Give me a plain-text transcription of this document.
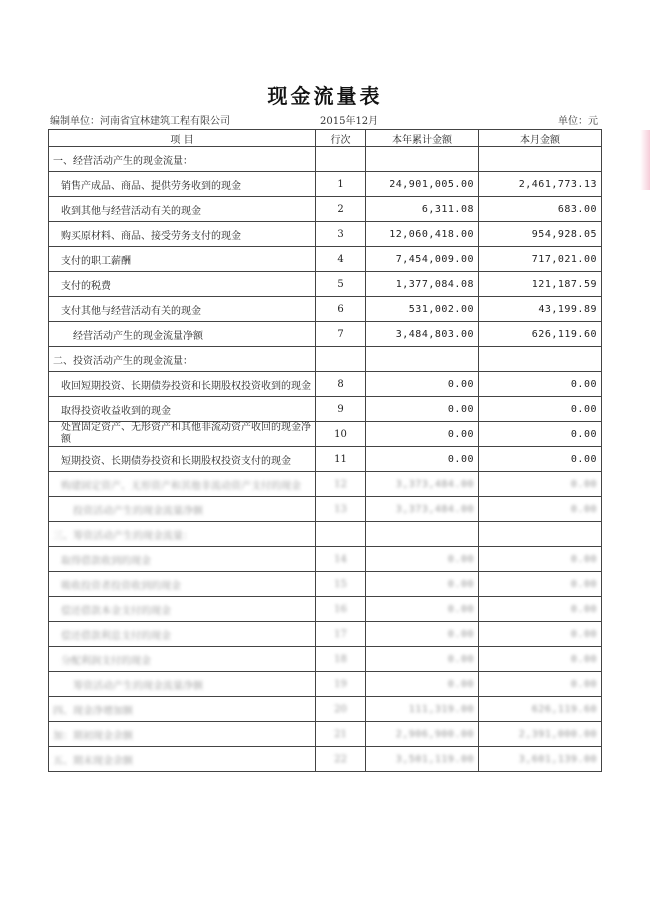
现金流量表
编制单位：河南省宜林建筑工程有限公司	2015年12月	单位：元
项 目	行次	本年累计金额	本月金额
一、经营活动产生的现金流量：			
销售产成品、商品、提供劳务收到的现金	1	24,901,005.00	2,461,773.13
收到其他与经营活动有关的现金	2	6,311.08	683.00
购买原材料、商品、接受劳务支付的现金	3	12,060,418.00	954,928.05
支付的职工薪酬	4	7,454,009.00	717,021.00
支付的税费	5	1,377,084.08	121,187.59
支付其他与经营活动有关的现金	6	531,002.00	43,199.89
经营活动产生的现金流量净额	7	3,484,803.00	626,119.60
二、投资活动产生的现金流量：			
收回短期投资、长期债券投资和长期股权投资收到的现金	8	0.00	0.00
取得投资收益收到的现金	9	0.00	0.00
处置固定资产、无形资产和其他非流动资产收回的现金净额	10	0.00	0.00
短期投资、长期债券投资和长期股权投资支付的现金	11	0.00	0.00
购建固定资产、无形资产和其他非流动资产支付的现金	12	3,373,484.00	0.00
投资活动产生的现金流量净额	13	3,373,484.00	0.00
三、筹资活动产生的现金流量：			
取得借款收到的现金	14	0.00	0.00
吸收投资者投资收到的现金	15	0.00	0.00
偿还借款本金支付的现金	16	0.00	0.00
偿还借款利息支付的现金	17	0.00	0.00
分配利润支付的现金	18	0.00	0.00
筹资活动产生的现金流量净额	19	0.00	0.00
四、现金净增加额	20	111,319.00	626,119.60
加：期初现金余额	21	2,906,900.00	2,391,000.00
五、期末现金余额	22	3,501,119.00	3,601,139.00
